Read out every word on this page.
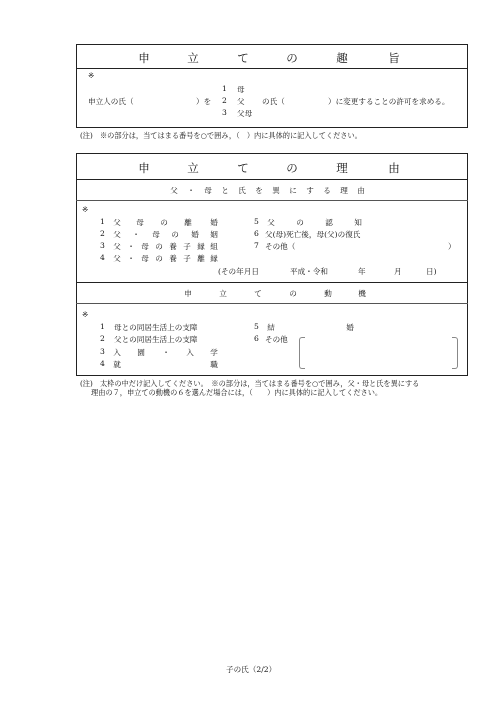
申	立	て	の	趣	旨
※
1 母
申立人の氏（	）を 2 父 の氏（	）に変更することの許可を求める。
3 父母
(注)　※の部分は，当てはまる番号を○で囲み，（　）内に具体的に記入してください。
申	立	て	の	理	由
父 ・ 母 と 氏 を 異 に す る 理 由
※
1 父 母 の 離 婚
2 父 ・ 母 の 婚 姻
3 父 ・ 母 の 養 子 縁 組
4 父 ・ 母 の 養 子 離 縁
5 父	の	認	知
6 父(母)死亡後，母(父)の復氏
7 その他（	）
(その年月日	平成・令和	年	月	日)
申	立	て	の	動	機
※
1 母との同居生活上の支障
2 父との同居生活上の支障
3 入 園 ・ 入 学
4 就	職
5 結	婚
6 その他
(注)　太枠の中だけ記入してください。　※の部分は，当てはまる番号を○で囲み，父・母と氏を異にする
理由の７，申立ての動機の６を選んだ場合には，（　　）内に具体的に記入してください。
子の氏（2/2）
